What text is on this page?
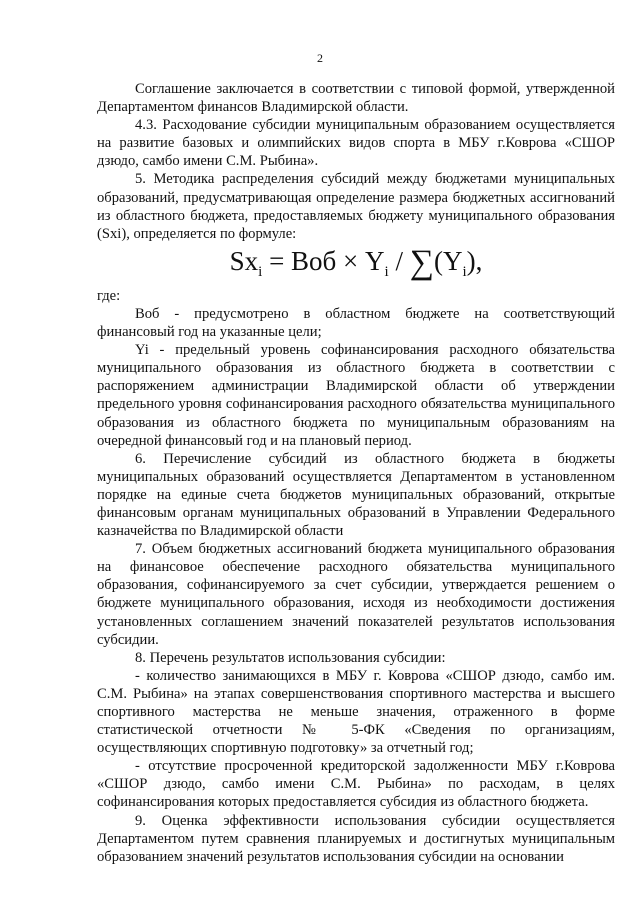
2

Соглашение заключается в соответствии с типовой формой, утвержденной Департаментом финансов Владимирской области.

4.3. Расходование субсидии муниципальным образованием осуществляется на развитие базовых и олимпийских видов спорта в МБУ г.Коврова «СШОР дзюдо, самбо имени С.М. Рыбина».

5. Методика распределения субсидий между бюджетами муниципальных образований, предусматривающая определение размера бюджетных ассигнований из областного бюджета, предоставляемых бюджету муниципального образования (Sxi), определяется по формуле:

$Sx_i$ = Воб × $Y_i / \sum(Y_i)$,

где:

Воб - предусмотрено в областном бюджете на соответствующий финансовый год на указанные цели;

Yi - предельный уровень софинансирования расходного обязательства муниципального образования из областного бюджета в соответствии с распоряжением администрации Владимирской области об утверждении предельного уровня софинансирования расходного обязательства муниципального образования из областного бюджета по муниципальным образованиям на очередной финансовый год и на плановый период.

6. Перечисление субсидий из областного бюджета в бюджеты муниципальных образований осуществляется Департаментом в установленном порядке на единые счета бюджетов муниципальных образований, открытые финансовым органам муниципальных образований в Управлении Федерального казначейства по Владимирской области

7. Объем бюджетных ассигнований бюджета муниципального образования на финансовое обеспечение расходного обязательства муниципального образования, софинансируемого за счет субсидии, утверждается решением о бюджете муниципального образования, исходя из необходимости достижения установленных соглашением значений показателей результатов использования субсидии.

8. Перечень результатов использования субсидии:

- количество занимающихся в МБУ г. Коврова «СШОР дзюдо, самбо им. С.М. Рыбина» на этапах совершенствования спортивного мастерства и высшего спортивного мастерства не меньше значения, отраженного в форме статистической отчетности № 5-ФК «Сведения по организациям, осуществляющих спортивную подготовку» за отчетный год;

- отсутствие просроченной кредиторской задолженности МБУ г.Коврова «СШОР дзюдо, самбо имени С.М. Рыбина» по расходам, в целях софинансирования которых предоставляется субсидия из областного бюджета.

9. Оценка эффективности использования субсидии осуществляется Департаментом путем сравнения планируемых и достигнутых муниципальным образованием значений результатов использования субсидии на основании
